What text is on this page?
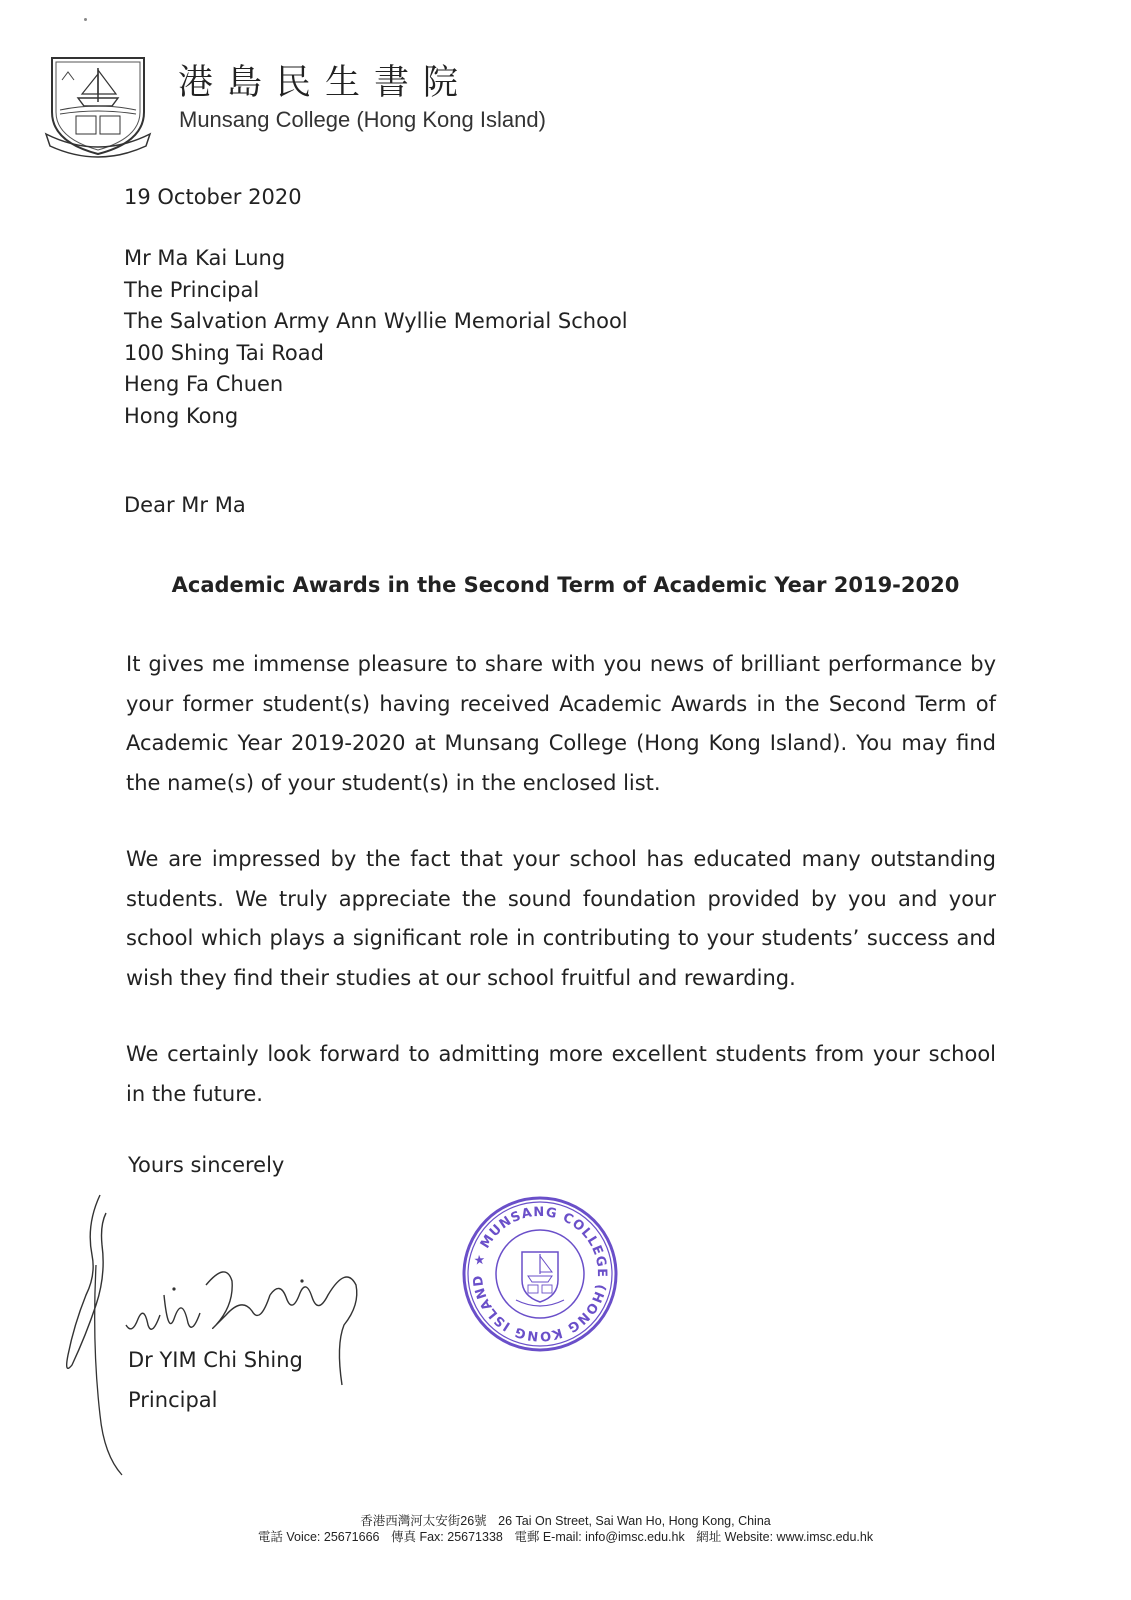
港島民生書院
Munsang College (Hong Kong Island)
19 October 2020
Mr Ma Kai Lung
The Principal
The Salvation Army Ann Wyllie Memorial School
100 Shing Tai Road
Heng Fa Chuen
Hong Kong
Dear Mr Ma
Academic Awards in the Second Term of Academic Year 2019-2020

It gives me immense pleasure to share with you news of brilliant performance by your former student(s) having received Academic Awards in the Second Term of Academic Year 2019-2020 at Munsang College (Hong Kong Island). You may find the name(s) of your student(s) in the enclosed list.

We are impressed by the fact that your school has educated many outstanding students. We truly appreciate the sound foundation provided by you and your school which plays a significant role in contributing to your students’ success and wish they find their studies at our school fruitful and rewarding.

We certainly look forward to admitting more excellent students from your school in the future.

Yours sincerely
Dr YIM Chi Shing
Principal
★ MUNSANG COLLEGE (HONG KONG ISLAND
香港西灣河太安街26號 26 Tai On Street, Sai Wan Ho, Hong Kong, China
電話 Voice: 25671666 傳真 Fax: 25671338 電郵 E-mail: info@imsc.edu.hk 網址 Website: www.imsc.edu.hk
